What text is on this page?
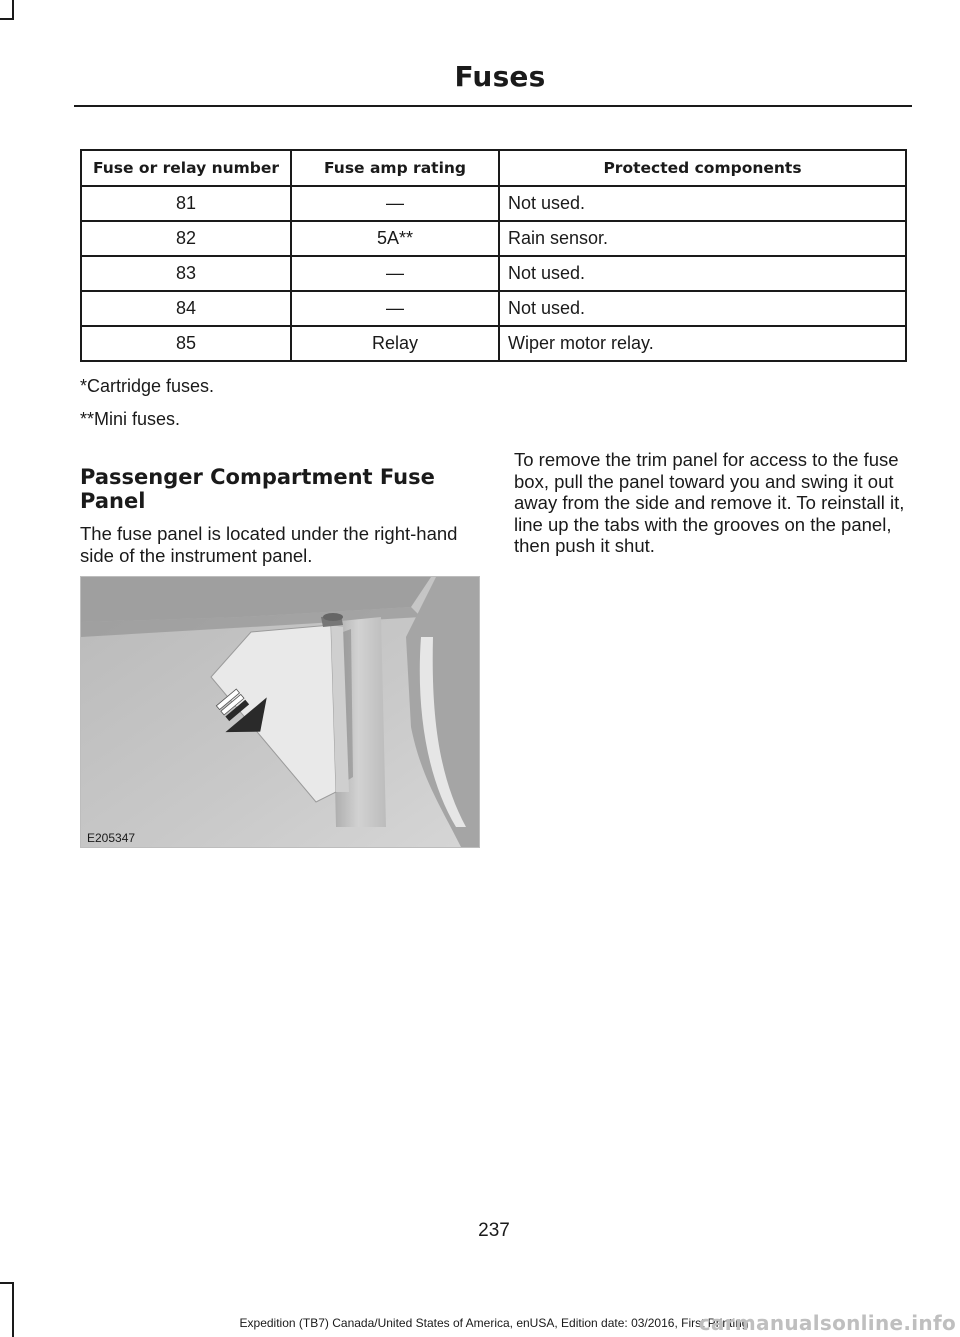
Fuses
Fuse or relay number	Fuse amp rating	Protected components
81	—	Not used.
82	5A**	Rain sensor.
83	—	Not used.
84	—	Not used.
85	Relay	Wiper motor relay.
*Cartridge fuses.
**Mini fuses.
Passenger Compartment Fuse Panel
The fuse panel is located under the right-hand side of the instrument panel.
To remove the trim panel for access to the fuse box, pull the panel toward you and swing it out away from the side and remove it. To reinstall it, line up the tabs with the grooves on the panel, then push it shut.
E205347
237
Expedition (TB7) Canada/United States of America, enUSA, Edition date: 03/2016, First Printing
carmanualsonline.info
